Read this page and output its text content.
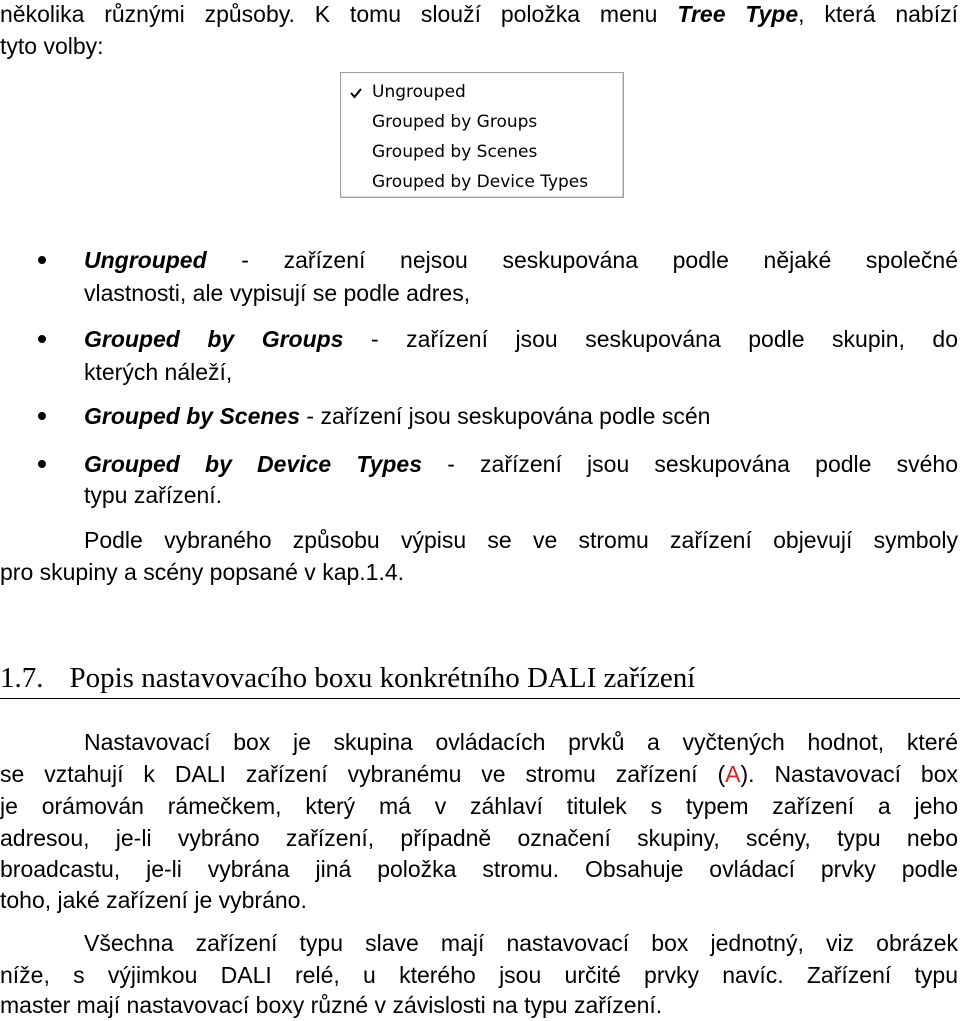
několika různými způsoby. K tomu slouží položka menu Tree Type, která nabízí
tyto volby:
Ungrouped
Grouped by Groups
Grouped by Scenes
Grouped by Device Types
Ungrouped - zařízení nejsou seskupována podle nějaké společné
vlastnosti, ale vypisují se podle adres,
Grouped by Groups - zařízení jsou seskupována podle skupin, do
kterých náleží,
Grouped by Scenes - zařízení jsou seskupována podle scén
Grouped by Device Types - zařízení jsou seskupována podle svého
typu zařízení.
Podle vybraného způsobu výpisu se ve stromu zařízení objevují symboly
pro skupiny a scény popsané v kap.1.4.
1.7. Popis nastavovacího boxu konkrétního DALI zařízení
Nastavovací box je skupina ovládacích prvků a vyčtených hodnot, které
se vztahují k DALI zařízení vybranému ve stromu zařízení (A). Nastavovací box
je orámován rámečkem, který má v záhlaví titulek s typem zařízení a jeho
adresou, je-li vybráno zařízení, případně označení skupiny, scény, typu nebo
broadcastu, je-li vybrána jiná položka stromu. Obsahuje ovládací prvky podle
toho, jaké zařízení je vybráno.
Všechna zařízení typu slave mají nastavovací box jednotný, viz obrázek
níže, s výjimkou DALI relé, u kterého jsou určité prvky navíc. Zařízení typu
master mají nastavovací boxy různé v závislosti na typu zařízení.
